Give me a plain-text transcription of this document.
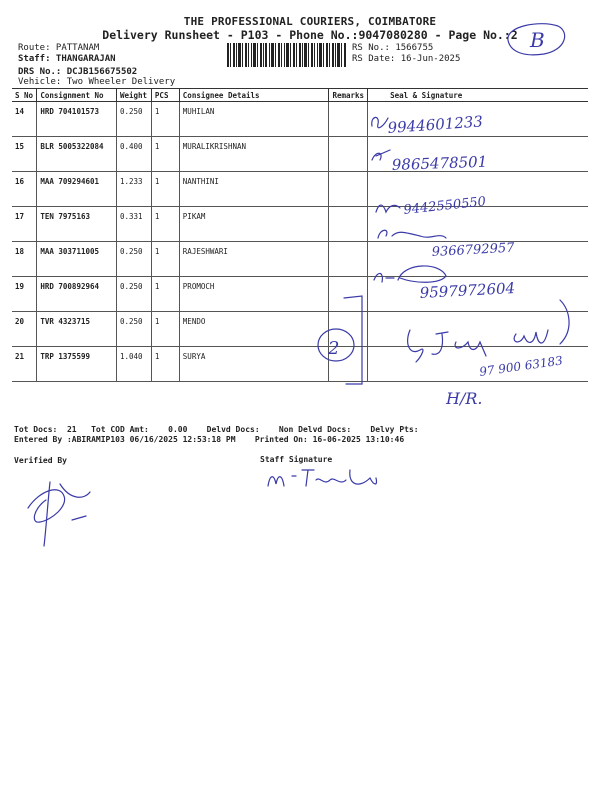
THE PROFESSIONAL COURIERS, COIMBATORE
Delivery Runsheet - P103 - Phone No.:9047080280 - Page No.:2
Route: PATTANAM
Staff: THANGARAJAN
DRS No.: DCJB156675502
Vehicle: Two Wheeler Delivery
RS No.: 1566755
RS Date: 16-Jun-2025
B
S No	Consignment No	Weight	PCS	Consignee Details	Remarks	Seal & Signature
14	HRD 704101573	0.250	1	MUHILAN		
15	BLR 5005322084	0.400	1	MURALIKRISHNAN		
16	MAA 709294601	1.233	1	NANTHINI		
17	TEN 7975163	0.331	1	PIKAM		
18	MAA 303711005	0.250	1	RAJESHWARI		
19	HRD 700892964	0.250	1	PROMOCH		
20	TVR 4323715	0.250	1	MENDO		
21	TRP 1375599	1.040	1	SURYA		
9944601233
9865478501
9442550550
9366792957
9597972604
97 900 63183
2
H/R.
Tot Docs:  21   Tot COD Amt:    0.00    Delvd Docs:    Non Delvd Docs:    Delvy Pts:
Entered By :ABIRAMIP103 06/16/2025 12:53:18 PM    Printed On: 16-06-2025 13:10:46
Verified By	Staff Signature
